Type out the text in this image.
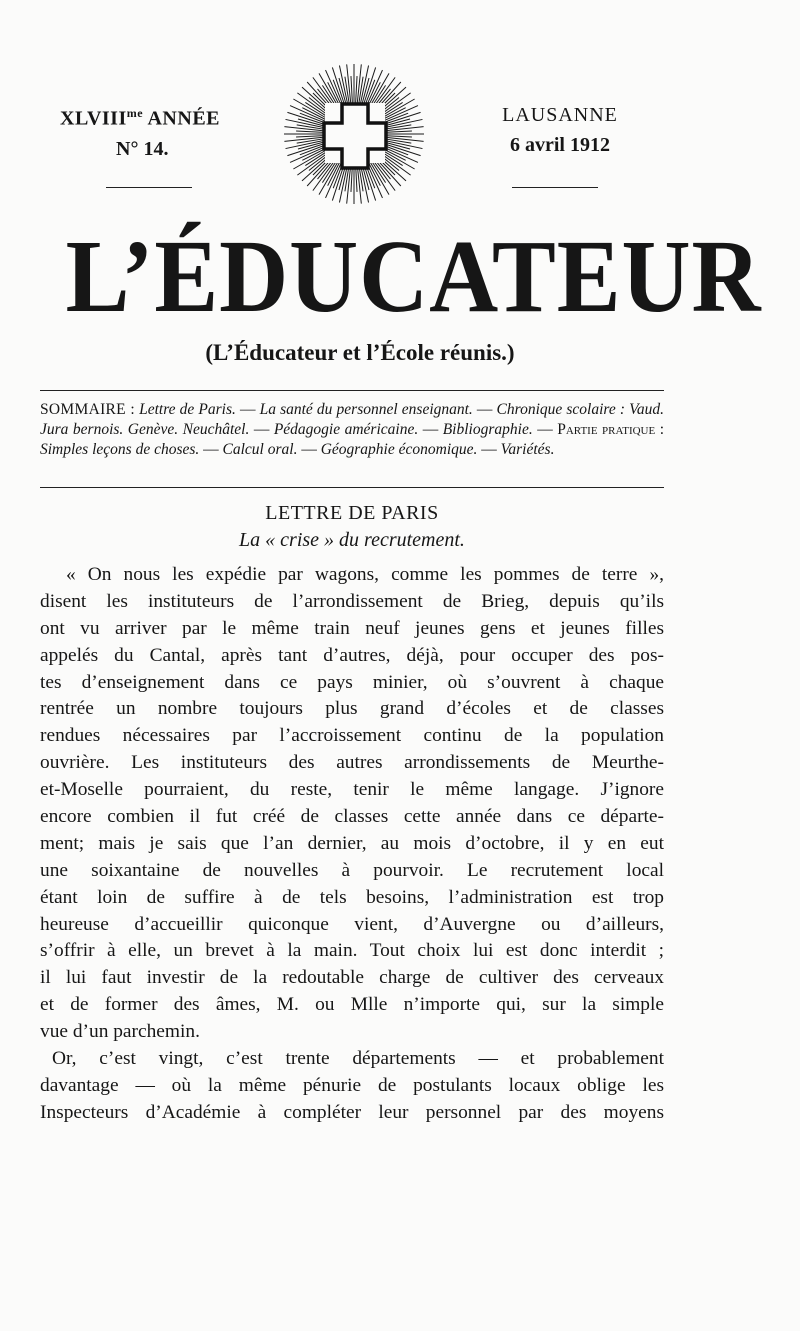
$XLVIII^{me}$ ANNÉE
N° 14.
LAUSANNE
6 avril 1912
L’ÉDUCATEUR
(L’Éducateur et l’École réunis.)
SOMMAIRE : Lettre de Paris. — La santé du personnel enseignant. — Chronique scolaire : Vaud. Jura bernois. Genève. Neuchâtel. — Pédagogie américaine. — Bibliographie. — Partie pratique : Simples leçons de choses. — Calcul oral. — Géographie économique. — Variétés.
LETTRE DE PARIS
La « crise » du recrutement.
« On nous les expédie par wagons, comme les pommes de terre »,
disent les instituteurs de l’arrondissement de Brieg, depuis qu’ils
ont vu arriver par le même train neuf jeunes gens et jeunes filles
appelés du Cantal, après tant d’autres, déjà, pour occuper des pos-
tes d’enseignement dans ce pays minier, où s’ouvrent à chaque
rentrée un nombre toujours plus grand d’écoles et de classes
rendues nécessaires par l’accroissement continu de la population
ouvrière. Les instituteurs des autres arrondissements de Meurthe-
et-Moselle pourraient, du reste, tenir le même langage. J’ignore
encore combien il fut créé de classes cette année dans ce départe-
ment; mais je sais que l’an dernier, au mois d’octobre, il y en eut
une soixantaine de nouvelles à pourvoir. Le recrutement local
étant loin de suffire à de tels besoins, l’administration est trop
heureuse d’accueillir quiconque vient, d’Auvergne ou d’ailleurs,
s’offrir à elle, un brevet à la main. Tout choix lui est donc interdit ;
il lui faut investir de la redoutable charge de cultiver des cerveaux
et de former des âmes, M. ou Mlle n’importe qui, sur la simple
vue d’un parchemin.
Or, c’est vingt, c’est trente départements — et probablement
davantage — où la même pénurie de postulants locaux oblige les
Inspecteurs d’Académie à compléter leur personnel par des moyens
